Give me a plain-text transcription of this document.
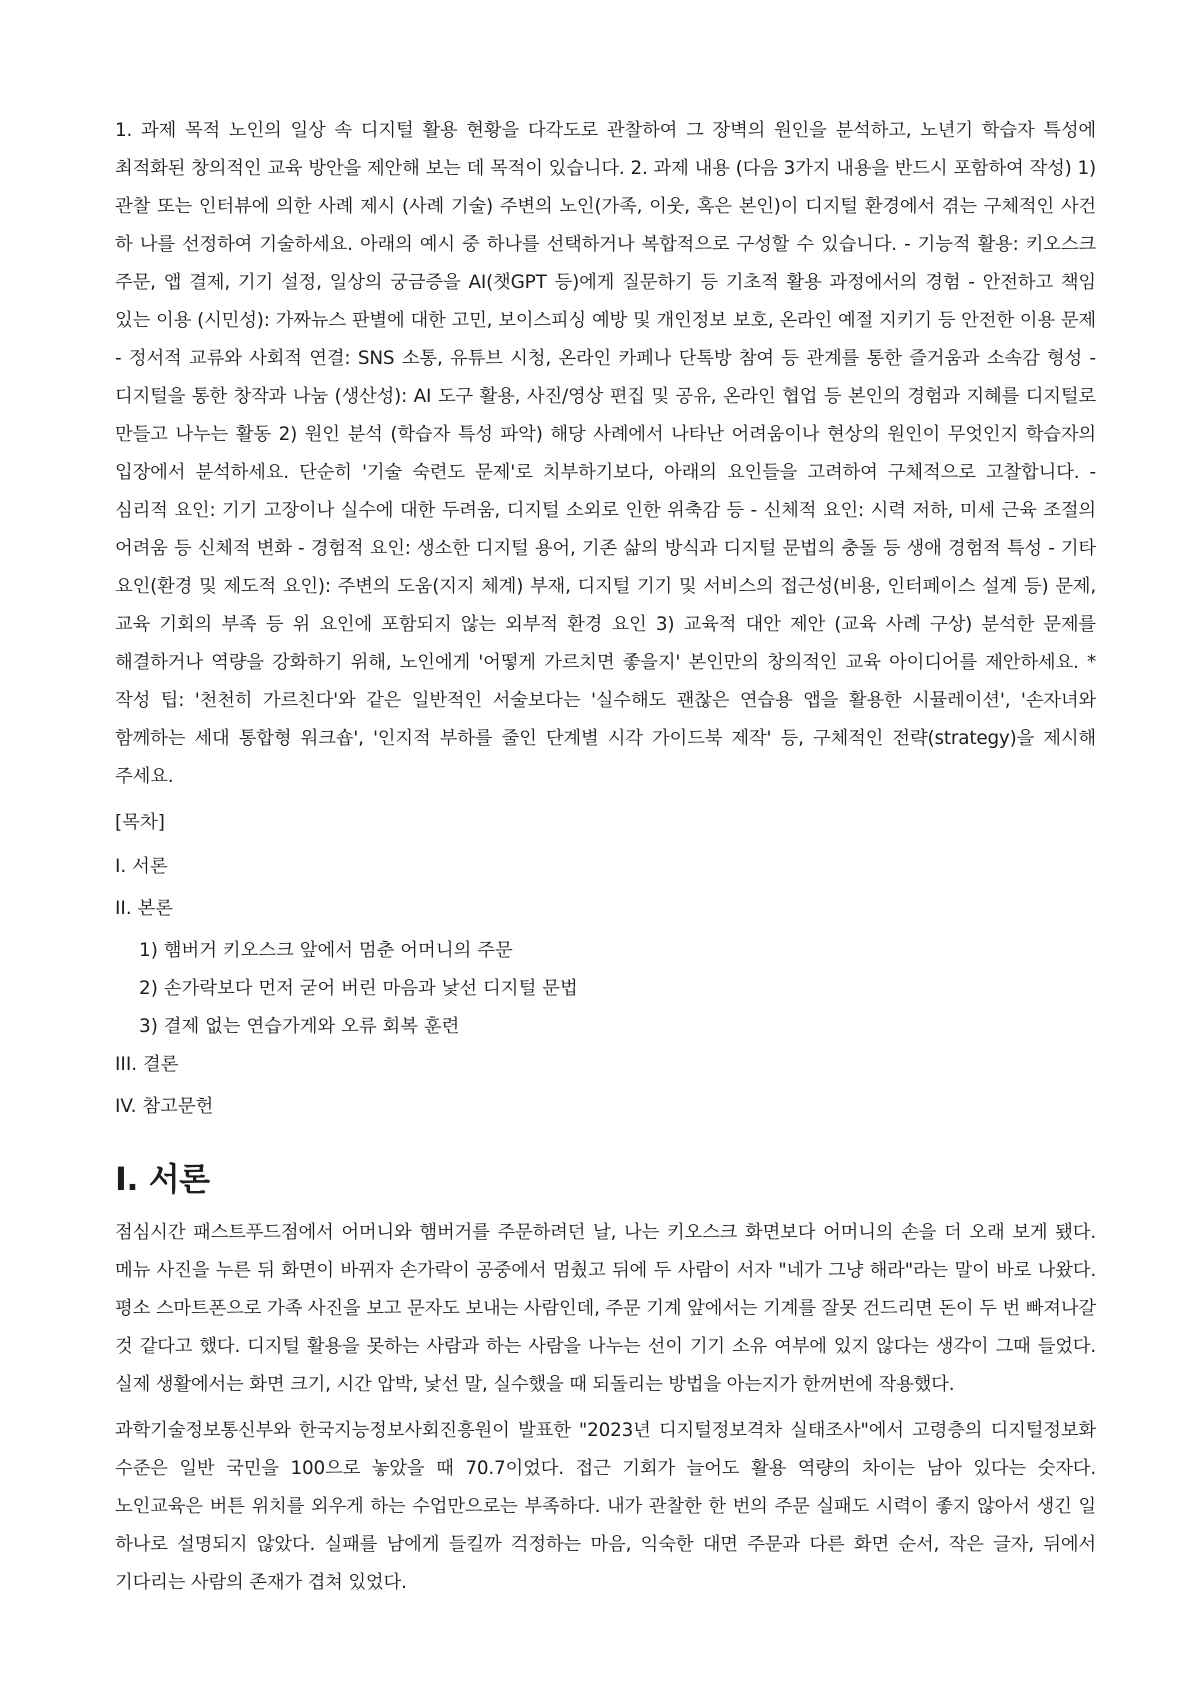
1. 과제 목적 노인의 일상 속 디지털 활용 현황을 다각도로 관찰하여 그 장벽의 원인을 분석하고, 노년기 학습자 특성에 최적화된 창의적인 교육 방안을 제안해 보는 데 목적이 있습니다. 2. 과제 내용 (다음 3가지 내용을 반드시 포함하여 작성) 1) 관찰 또는 인터뷰에 의한 사례 제시 (사례 기술) 주변의 노인(가족, 이웃, 혹은 본인)이 디지털 환경에서 겪는 구체적인 사건 하 나를 선정하여 기술하세요. 아래의 예시 중 하나를 선택하거나 복합적으로 구성할 수 있습니다. - 기능적 활용: 키오스크 주문, 앱 결제, 기기 설정, 일상의 궁금증을 AI(챗GPT 등)에게 질문하기 등 기초적 활용 과정에서의 경험 - 안전하고 책임 있는 이용 (시민성): 가짜뉴스 판별에 대한 고민, 보이스피싱 예방 및 개인정보 보호, 온라인 예절 지키기 등 안전한 이용 문제 - 정서적 교류와 사회적 연결: SNS 소통, 유튜브 시청, 온라인 카페나 단톡방 참여 등 관계를 통한 즐거움과 소속감 형성 - 디지털을 통한 창작과 나눔 (생산성): AI 도구 활용, 사진/영상 편집 및 공유, 온라인 협업 등 본인의 경험과 지혜를 디지털로 만들고 나누는 활동 2) 원인 분석 (학습자 특성 파악) 해당 사례에서 나타난 어려움이나 현상의 원인이 무엇인지 학습자의 입장에서 분석하세요. 단순히 '기술 숙련도 문제'로 치부하기보다, 아래의 요인들을 고려하여 구체적으로 고찰합니다. - 심리적 요인: 기기 고장이나 실수에 대한 두려움, 디지털 소외로 인한 위축감 등 - 신체적 요인: 시력 저하, 미세 근육 조절의 어려움 등 신체적 변화 - 경험적 요인: 생소한 디지털 용어, 기존 삶의 방식과 디지털 문법의 충돌 등 생애 경험적 특성 - 기타 요인(환경 및 제도적 요인): 주변의 도움(지지 체계) 부재, 디지털 기기 및 서비스의 접근성(비용, 인터페이스 설계 등) 문제, 교육 기회의 부족 등 위 요인에 포함되지 않는 외부적 환경 요인 3) 교육적 대안 제안 (교육 사례 구상) 분석한 문제를 해결하거나 역량을 강화하기 위해, 노인에게 '어떻게 가르치면 좋을지' 본인만의 창의적인 교육 아이디어를 제안하세요. * 작성 팁: '천천히 가르친다'와 같은 일반적인 서술보다는 '실수해도 괜찮은 연습용 앱을 활용한 시뮬레이션', '손자녀와 함께하는 세대 통합형 워크숍', '인지적 부하를 줄인 단계별 시각 가이드북 제작' 등, 구체적인 전략(strategy)을 제시해 주세요.

[목차]
I. 서론
II. 본론
1) 햄버거 키오스크 앞에서 멈춘 어머니의 주문
2) 손가락보다 먼저 굳어 버린 마음과 낯선 디지털 문법
3) 결제 없는 연습가게와 오류 회복 훈련
III. 결론
IV. 참고문헌
I. 서론

점심시간 패스트푸드점에서 어머니와 햄버거를 주문하려던 날, 나는 키오스크 화면보다 어머니의 손을 더 오래 보게 됐다. 메뉴 사진을 누른 뒤 화면이 바뀌자 손가락이 공중에서 멈췄고 뒤에 두 사람이 서자 "네가 그냥 해라"라는 말이 바로 나왔다. 평소 스마트폰으로 가족 사진을 보고 문자도 보내는 사람인데, 주문 기계 앞에서는 기계를 잘못 건드리면 돈이 두 번 빠져나갈 것 같다고 했다. 디지털 활용을 못하는 사람과 하는 사람을 나누는 선이 기기 소유 여부에 있지 않다는 생각이 그때 들었다. 실제 생활에서는 화면 크기, 시간 압박, 낯선 말, 실수했을 때 되돌리는 방법을 아는지가 한꺼번에 작용했다.

과학기술정보통신부와 한국지능정보사회진흥원이 발표한 "2023년 디지털정보격차 실태조사"에서 고령층의 디지털정보화 수준은 일반 국민을 100으로 놓았을 때 70.7이었다. 접근 기회가 늘어도 활용 역량의 차이는 남아 있다는 숫자다. 노인교육은 버튼 위치를 외우게 하는 수업만으로는 부족하다. 내가 관찰한 한 번의 주문 실패도 시력이 좋지 않아서 생긴 일 하나로 설명되지 않았다. 실패를 남에게 들킬까 걱정하는 마음, 익숙한 대면 주문과 다른 화면 순서, 작은 글자, 뒤에서 기다리는 사람의 존재가 겹쳐 있었다.
